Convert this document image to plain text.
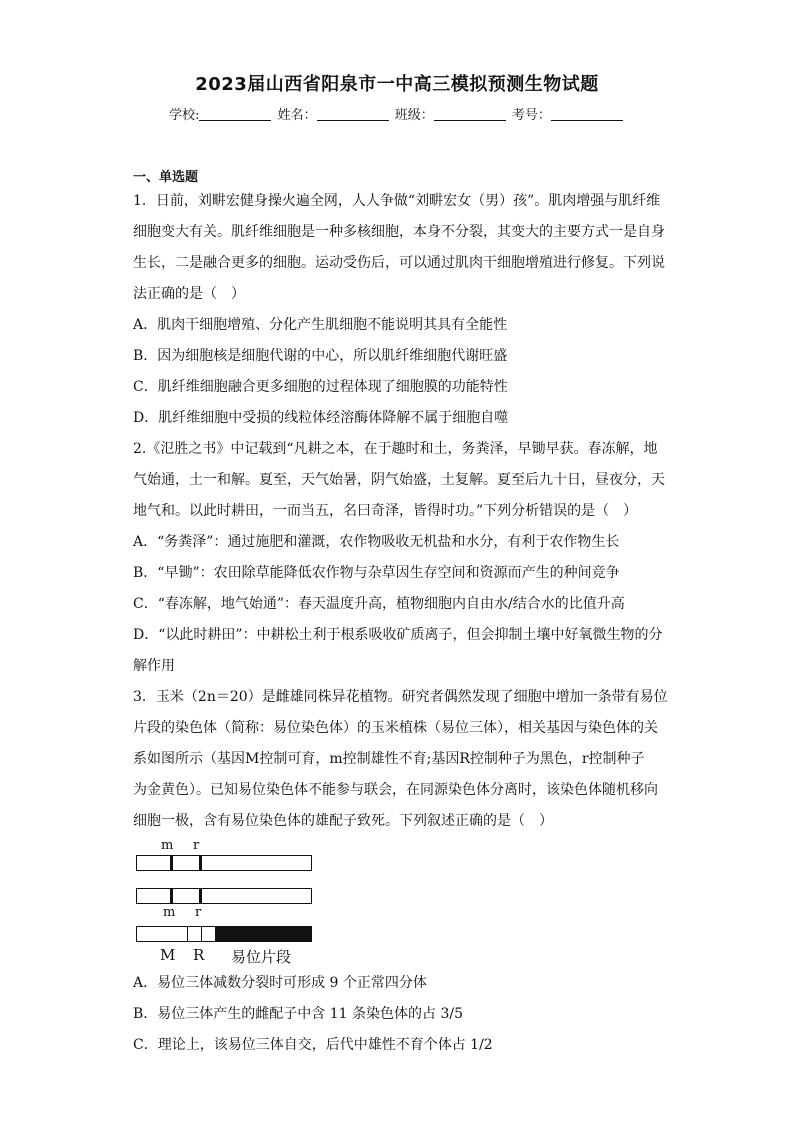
2023届山西省阳泉市一中高三模拟预测生物试题
学校:	姓名：	班级：	考号：
一、单选题
1．日前，刘畊宏健身操火遍全网，人人争做“刘畊宏女（男）孩”。肌肉增强与肌纤维
细胞变大有关。肌纤维细胞是一种多核细胞，本身不分裂，其变大的主要方式一是自身
生长，二是融合更多的细胞。运动受伤后，可以通过肌肉干细胞增殖进行修复。下列说
法正确的是（　）
A．肌肉干细胞增殖、分化产生肌细胞不能说明其具有全能性
B．因为细胞核是细胞代谢的中心，所以肌纤维细胞代谢旺盛
C．肌纤维细胞融合更多细胞的过程体现了细胞膜的功能特性
D．肌纤维细胞中受损的线粒体经溶酶体降解不属于细胞自噬
2.《氾胜之书》中记载到“凡耕之本，在于趣时和土，务粪泽，早锄早获。春冻解，地
气始通，土一和解。夏至，天气始暑，阴气始盛，土复解。夏至后九十日，昼夜分，天
地气和。以此时耕田，一而当五，名曰奇泽，皆得时功。”下列分析错误的是（　）
A．“务粪泽”：通过施肥和灌溉，农作物吸收无机盐和水分，有利于农作物生长
B．“早锄”：农田除草能降低农作物与杂草因生存空间和资源而产生的种间竞争
C．“春冻解，地气始通”：春天温度升高，植物细胞内自由水/结合水的比值升高
D．“以此时耕田”：中耕松土利于根系吸收矿质离子，但会抑制土壤中好氧微生物的分
解作用
3．玉米（2n＝20）是雌雄同株异花植物。研究者偶然发现了细胞中增加一条带有易位
片段的染色体（简称：易位染色体）的玉米植株（易位三体），相关基因与染色体的关
系如图所示（基因M控制可育，m控制雄性不育;基因R控制种子为黑色，r控制种子
为金黄色）。已知易位染色体不能参与联会，在同源染色体分离时，该染色体随机移向
细胞一极，含有易位染色体的雄配子致死。下列叙述正确的是（　）
m r
m r
M R 易位片段
A．易位三体减数分裂时可形成 9 个正常四分体
B．易位三体产生的雌配子中含 11 条染色体的占 3/5
C．理论上，该易位三体自交，后代中雄性不育个体占 1/2
